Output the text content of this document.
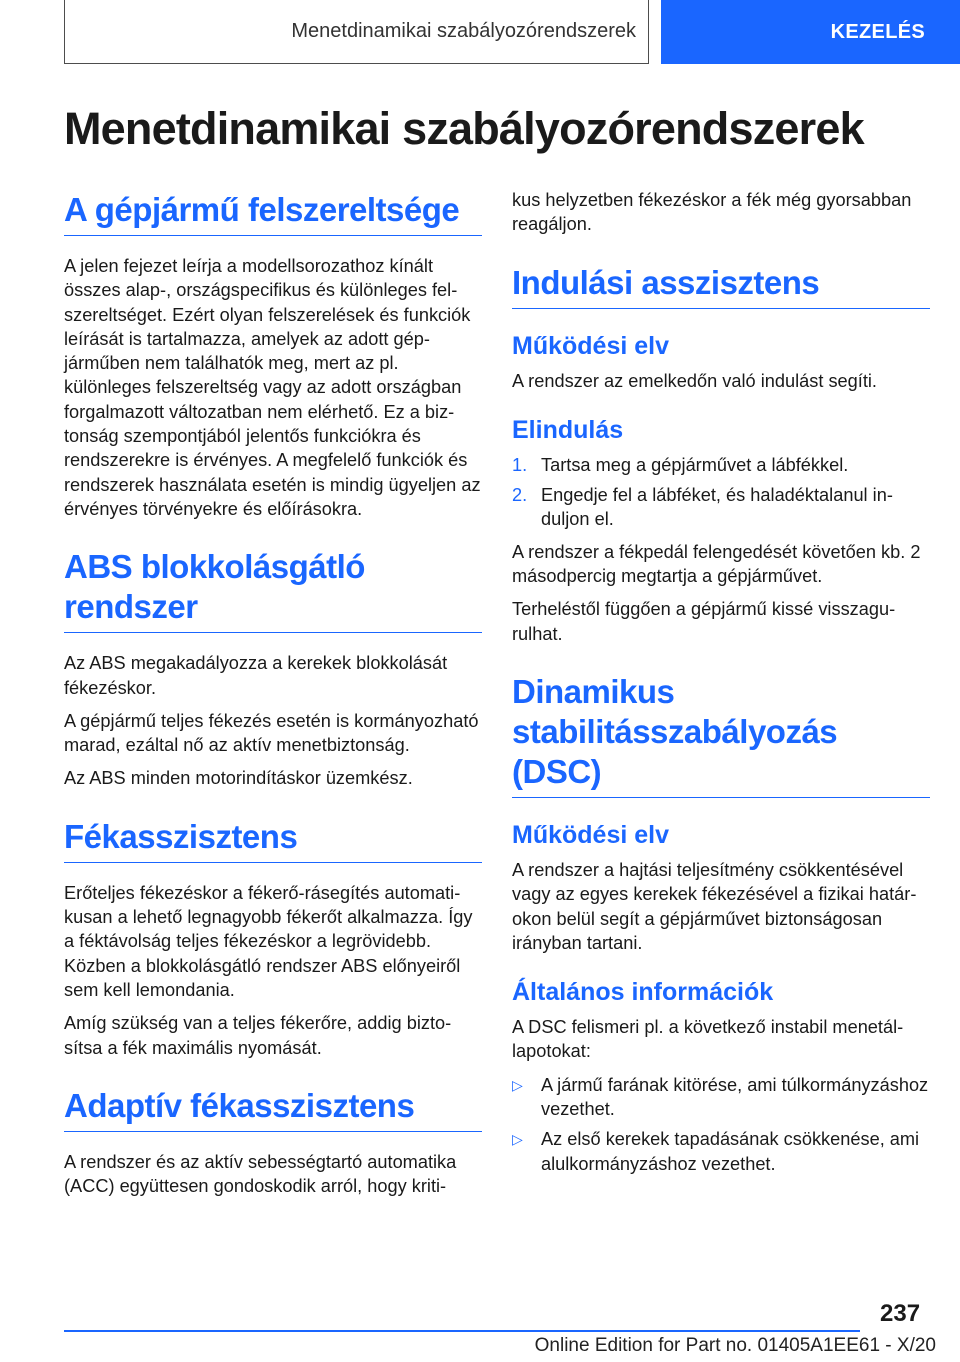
Menetdinamikai szabályozórendszerek	KEZELÉS
Menetdinamikai szabályozórendszerek
A gépjármű felszereltsége

A jelen fejezet leírja a modellsorozathoz kínált összes alap-, országspecifikus és különleges felszereltséget. Ezért olyan felszerelések és funkciók leírását is tartalmazza, amelyek az adott gépjárműben nem találhatók meg, mert az pl. különleges felszereltség vagy az adott országban forgalmazott változatban nem elérhető. Ez a biztonság szempontjából jelentős funkciókra és rendszerekre is érvényes. A megfelelő funkciók és rendszerek használata esetén is mindig ügyeljen az érvényes törvényekre és előírásokra.

ABS blokkolásgátló rendszer

Az ABS megakadályozza a kerekek blokkolását fékezéskor.

A gépjármű teljes fékezés esetén is kormányozható marad, ezáltal nő az aktív menetbiztonság.

Az ABS minden motorindításkor üzemkész.

Fékasszisztens

Erőteljes fékezéskor a fékerő-rásegítés automatikusan a lehető legnagyobb fékerőt alkalmazza. Így a féktávolság teljes fékezéskor a legrövidebb. Közben a blokkolásgátló rendszer ABS előnyeiről sem kell lemondania.

Amíg szükség van a teljes fékerőre, addig biztosítsa a fék maximális nyomását.

Adaptív fékasszisztens

A rendszer és az aktív sebességtartó automatika (ACC) együttesen gondoskodik arról, hogy kriti-

kus helyzetben fékezéskor a fék még gyorsabban reagáljon.

Indulási asszisztens
Működési elv

A rendszer az emelkedőn való indulást segíti.

Elindulás
1. Tartsa meg a gépjárművet a lábfékkel.
2. Engedje fel a lábféket, és haladéktalanul induljon el.

A rendszer a fékpedál felengedését követően kb. 2 másodpercig megtartja a gépjárművet.

Terheléstől függően a gépjármű kissé visszagurulhat.

Dinamikus stabilitásszabályozás (DSC)
Működési elv

A rendszer a hajtási teljesítmény csökkentésével vagy az egyes kerekek fékezésével a fizikai határokon belül segít a gépjárművet biztonságosan irányban tartani.

Általános információk

A DSC felismeri pl. a következő instabil menetállapotokat:

▷	A jármű farának kitörése, ami túlkormányzáshoz vezethet.
▷	Az első kerekek tapadásának csökkenése, ami alulkormányzáshoz vezethet.
237
Online Edition for Part no. 01405A1EE61 - X/20
